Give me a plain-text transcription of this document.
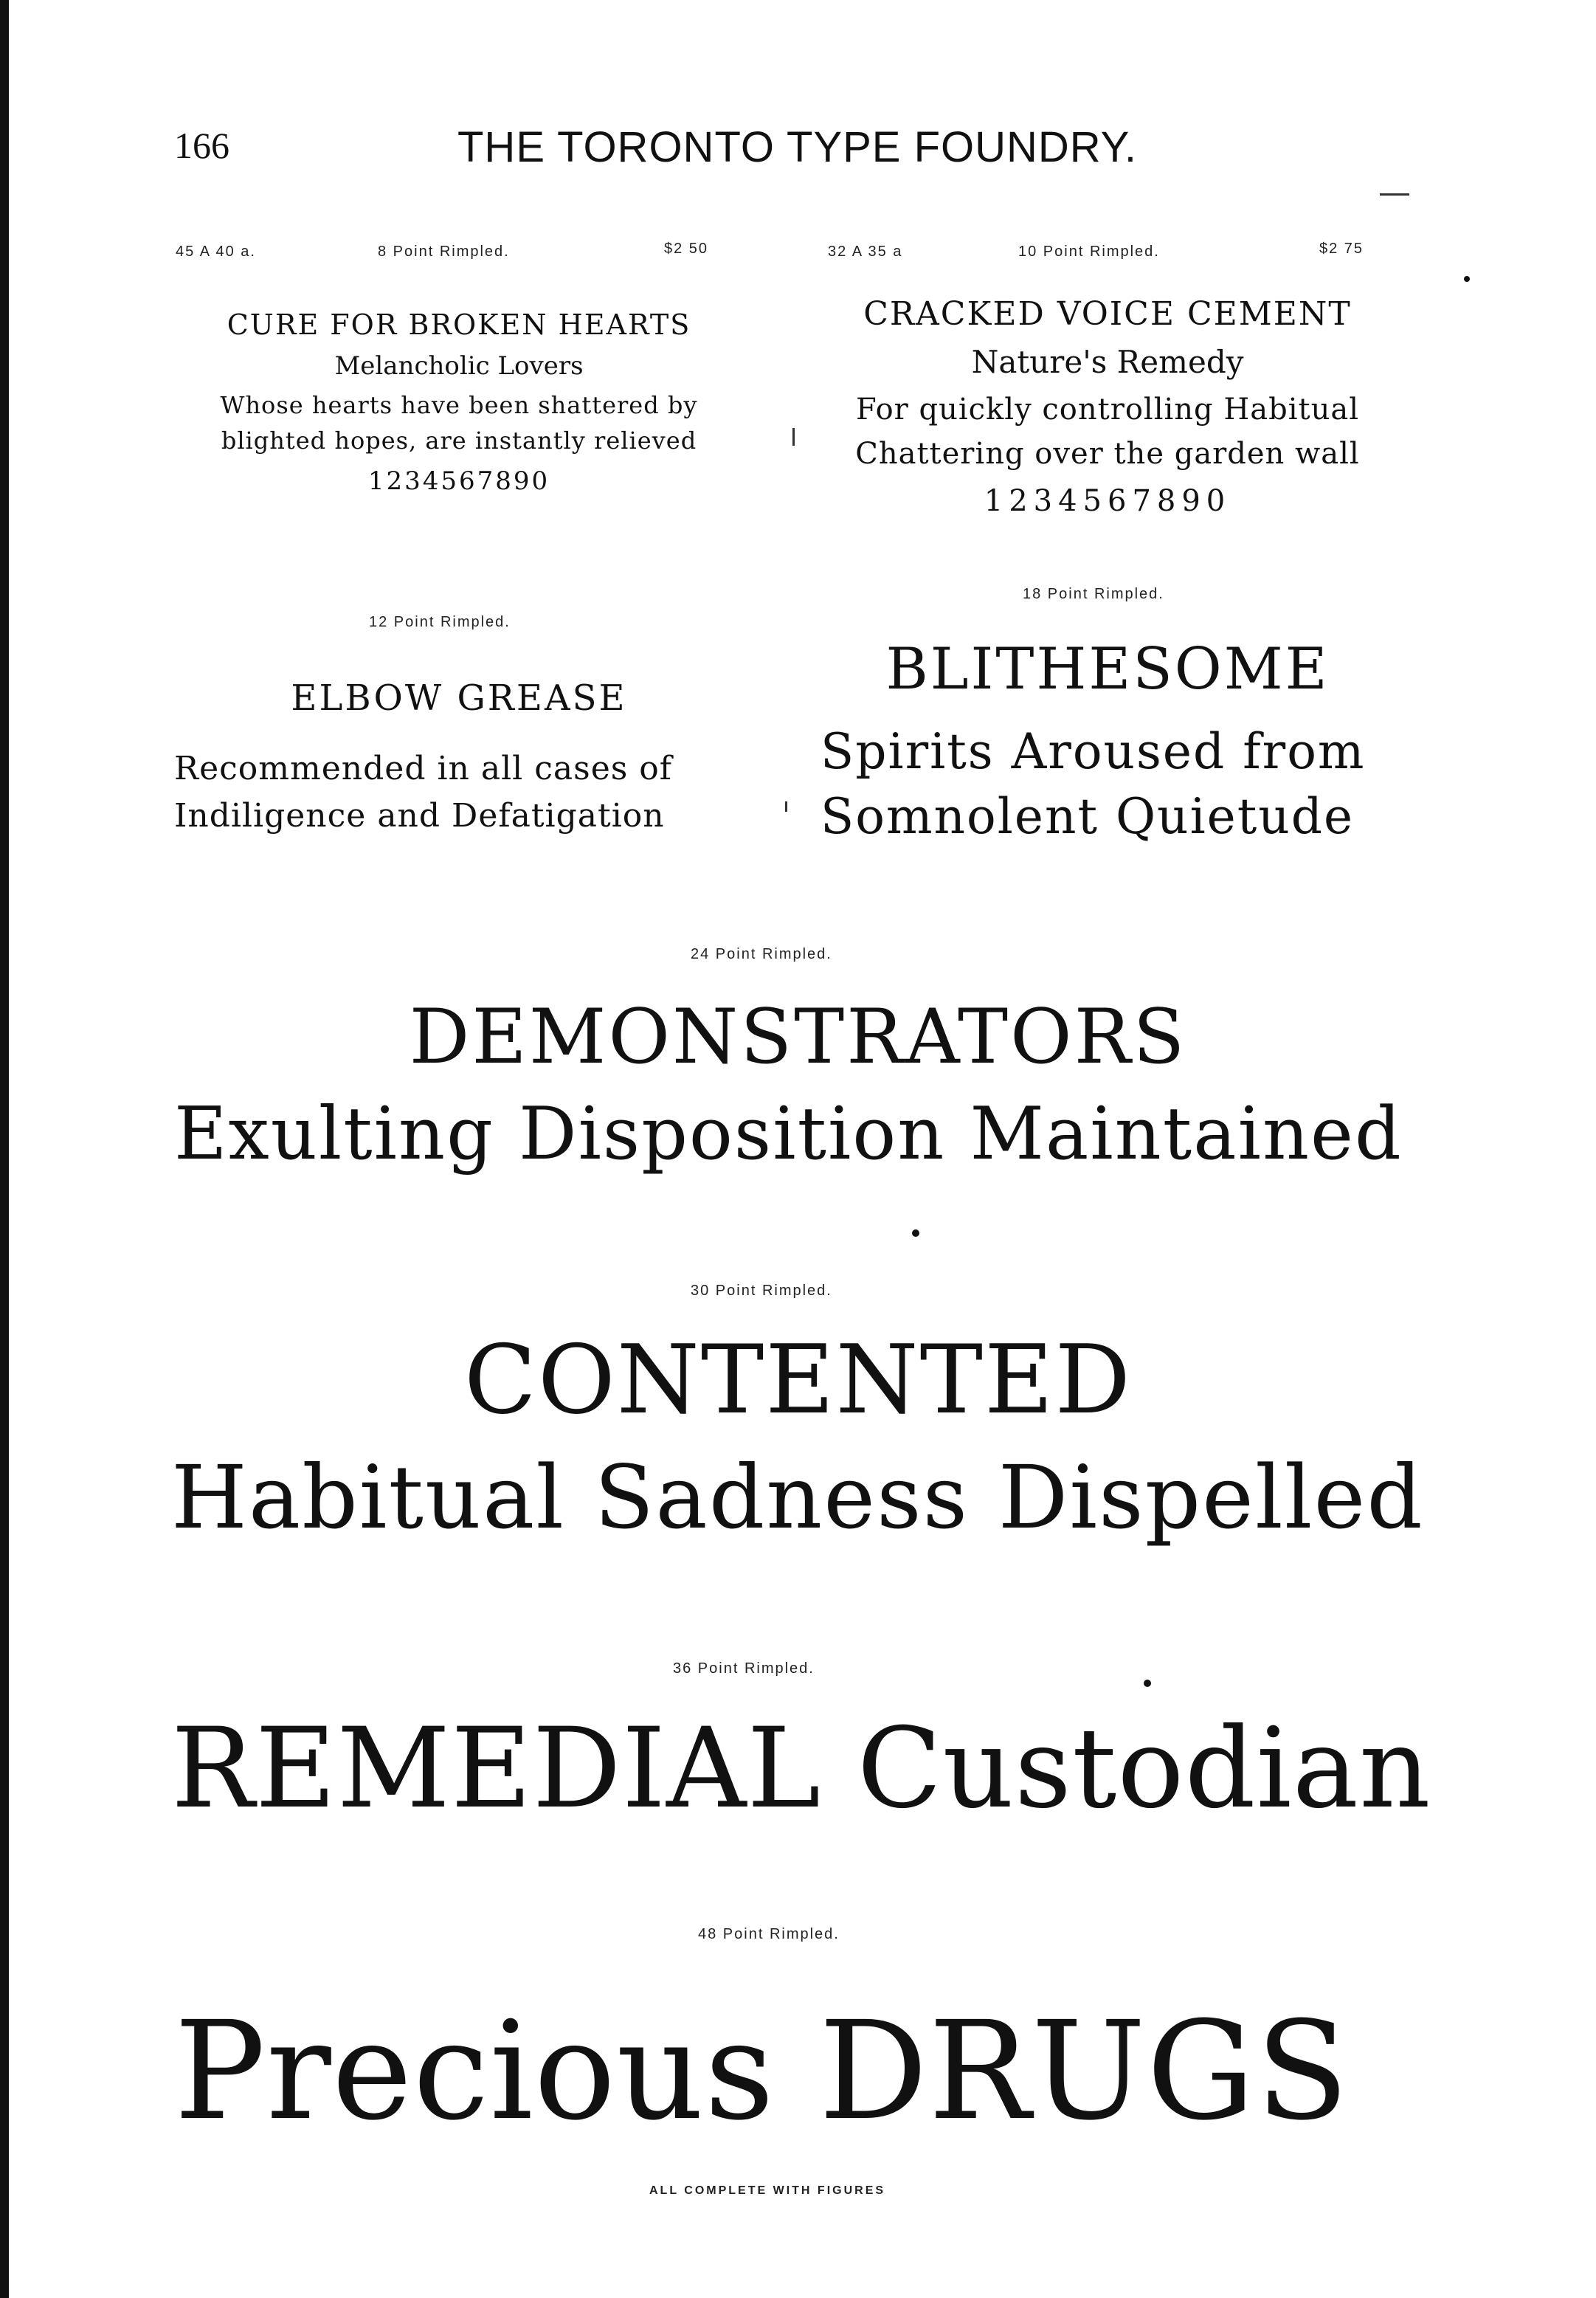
166	THE TORONTO TYPE FOUNDRY.
45 A 40 a.	8 Point Rimpled.	$2 50
CURE FOR BROKEN HEARTS
Melancholic Lovers
Whose hearts have been shattered by
blighted hopes, are instantly relieved
1234567890
32 A 35 a	10 Point Rimpled.	$2 75
CRACKED VOICE CEMENT
Nature's Remedy
For quickly controlling Habitual
Chattering over the garden wall
1234567890
12 Point Rimpled.
ELBOW GREASE
Recommended in all cases of
Indiligence and Defatigation
18 Point Rimpled.
BLITHESOME
Spirits Aroused from
Somnolent Quietude
24 Point Rimpled.
DEMONSTRATORS
Exulting Disposition Maintained
30 Point Rimpled.
CONTENTED
Habitual Sadness Dispelled
36 Point Rimpled.
REMEDIAL Custodian
48 Point Rimpled.
Precious DRUGS
ALL COMPLETE WITH FIGURES
